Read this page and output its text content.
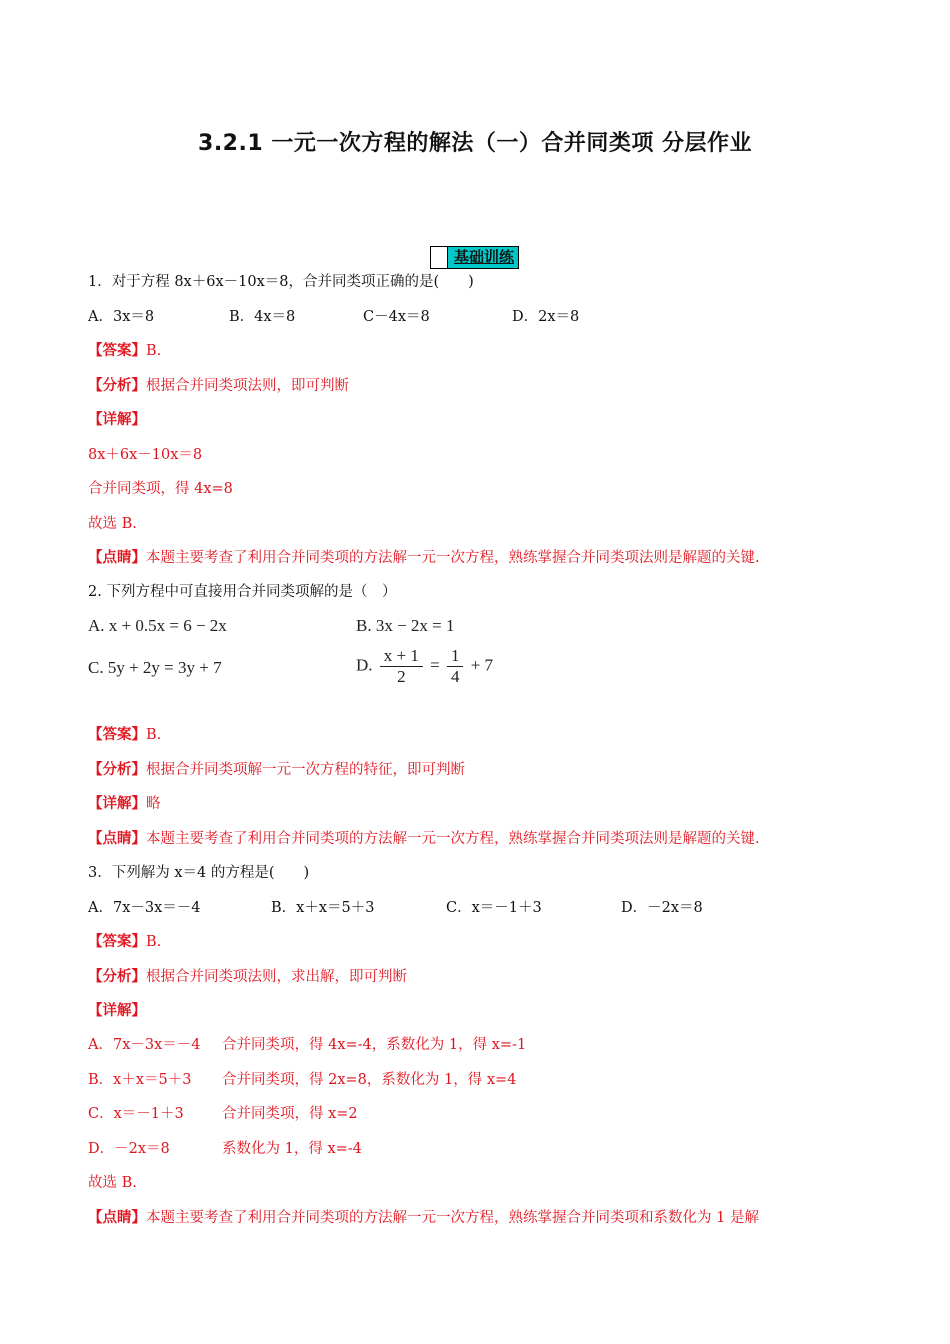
3.2.1 一元一次方程的解法（一）合并同类项 分层作业
基础训练
1．对于方程 8x＋6x－10x＝8，合并同类项正确的是(　　)
A．3x＝8	B．4x＝8	C－4x＝8	D．2x＝8
【答案】B.
【分析】根据合并同类项法则，即可判断
【详解】
8x＋6x－10x＝8
合并同类项，得 4x=8
故选 B.
【点睛】本题主要考查了利用合并同类项的方法解一元一次方程，熟练掌握合并同类项法则是解题的关键.
2. 下列方程中可直接用合并同类项解的是（　）
A. x + 0.5x = 6 − 2x	B. 3x − 2x = 1
C. 5y + 2y = 3y + 7	D. $\frac{x + 1}{2} = \frac{1}{4} + 7$
【答案】B.
【分析】根据合并同类项解一元一次方程的特征，即可判断
【详解】略
【点睛】本题主要考查了利用合并同类项的方法解一元一次方程，熟练掌握合并同类项法则是解题的关键.
3．下列解为 x＝4 的方程是(　　)
A．7x－3x＝－4	B．x＋x＝5＋3	C．x＝－1＋3	D．－2x＝8
【答案】B.
【分析】根据合并同类项法则，求出解，即可判断
【详解】
A．7x－3x＝－4 合并同类项，得 4x=-4，系数化为 1，得 x=-1
B．x＋x＝5＋3 合并同类项，得 2x=8，系数化为 1，得 x=4
C．x＝－1＋3	合并同类项，得 x=2
D．－2x＝8	系数化为 1，得 x=-4
故选 B.
【点睛】本题主要考查了利用合并同类项的方法解一元一次方程，熟练掌握合并同类项和系数化为 1 是解
